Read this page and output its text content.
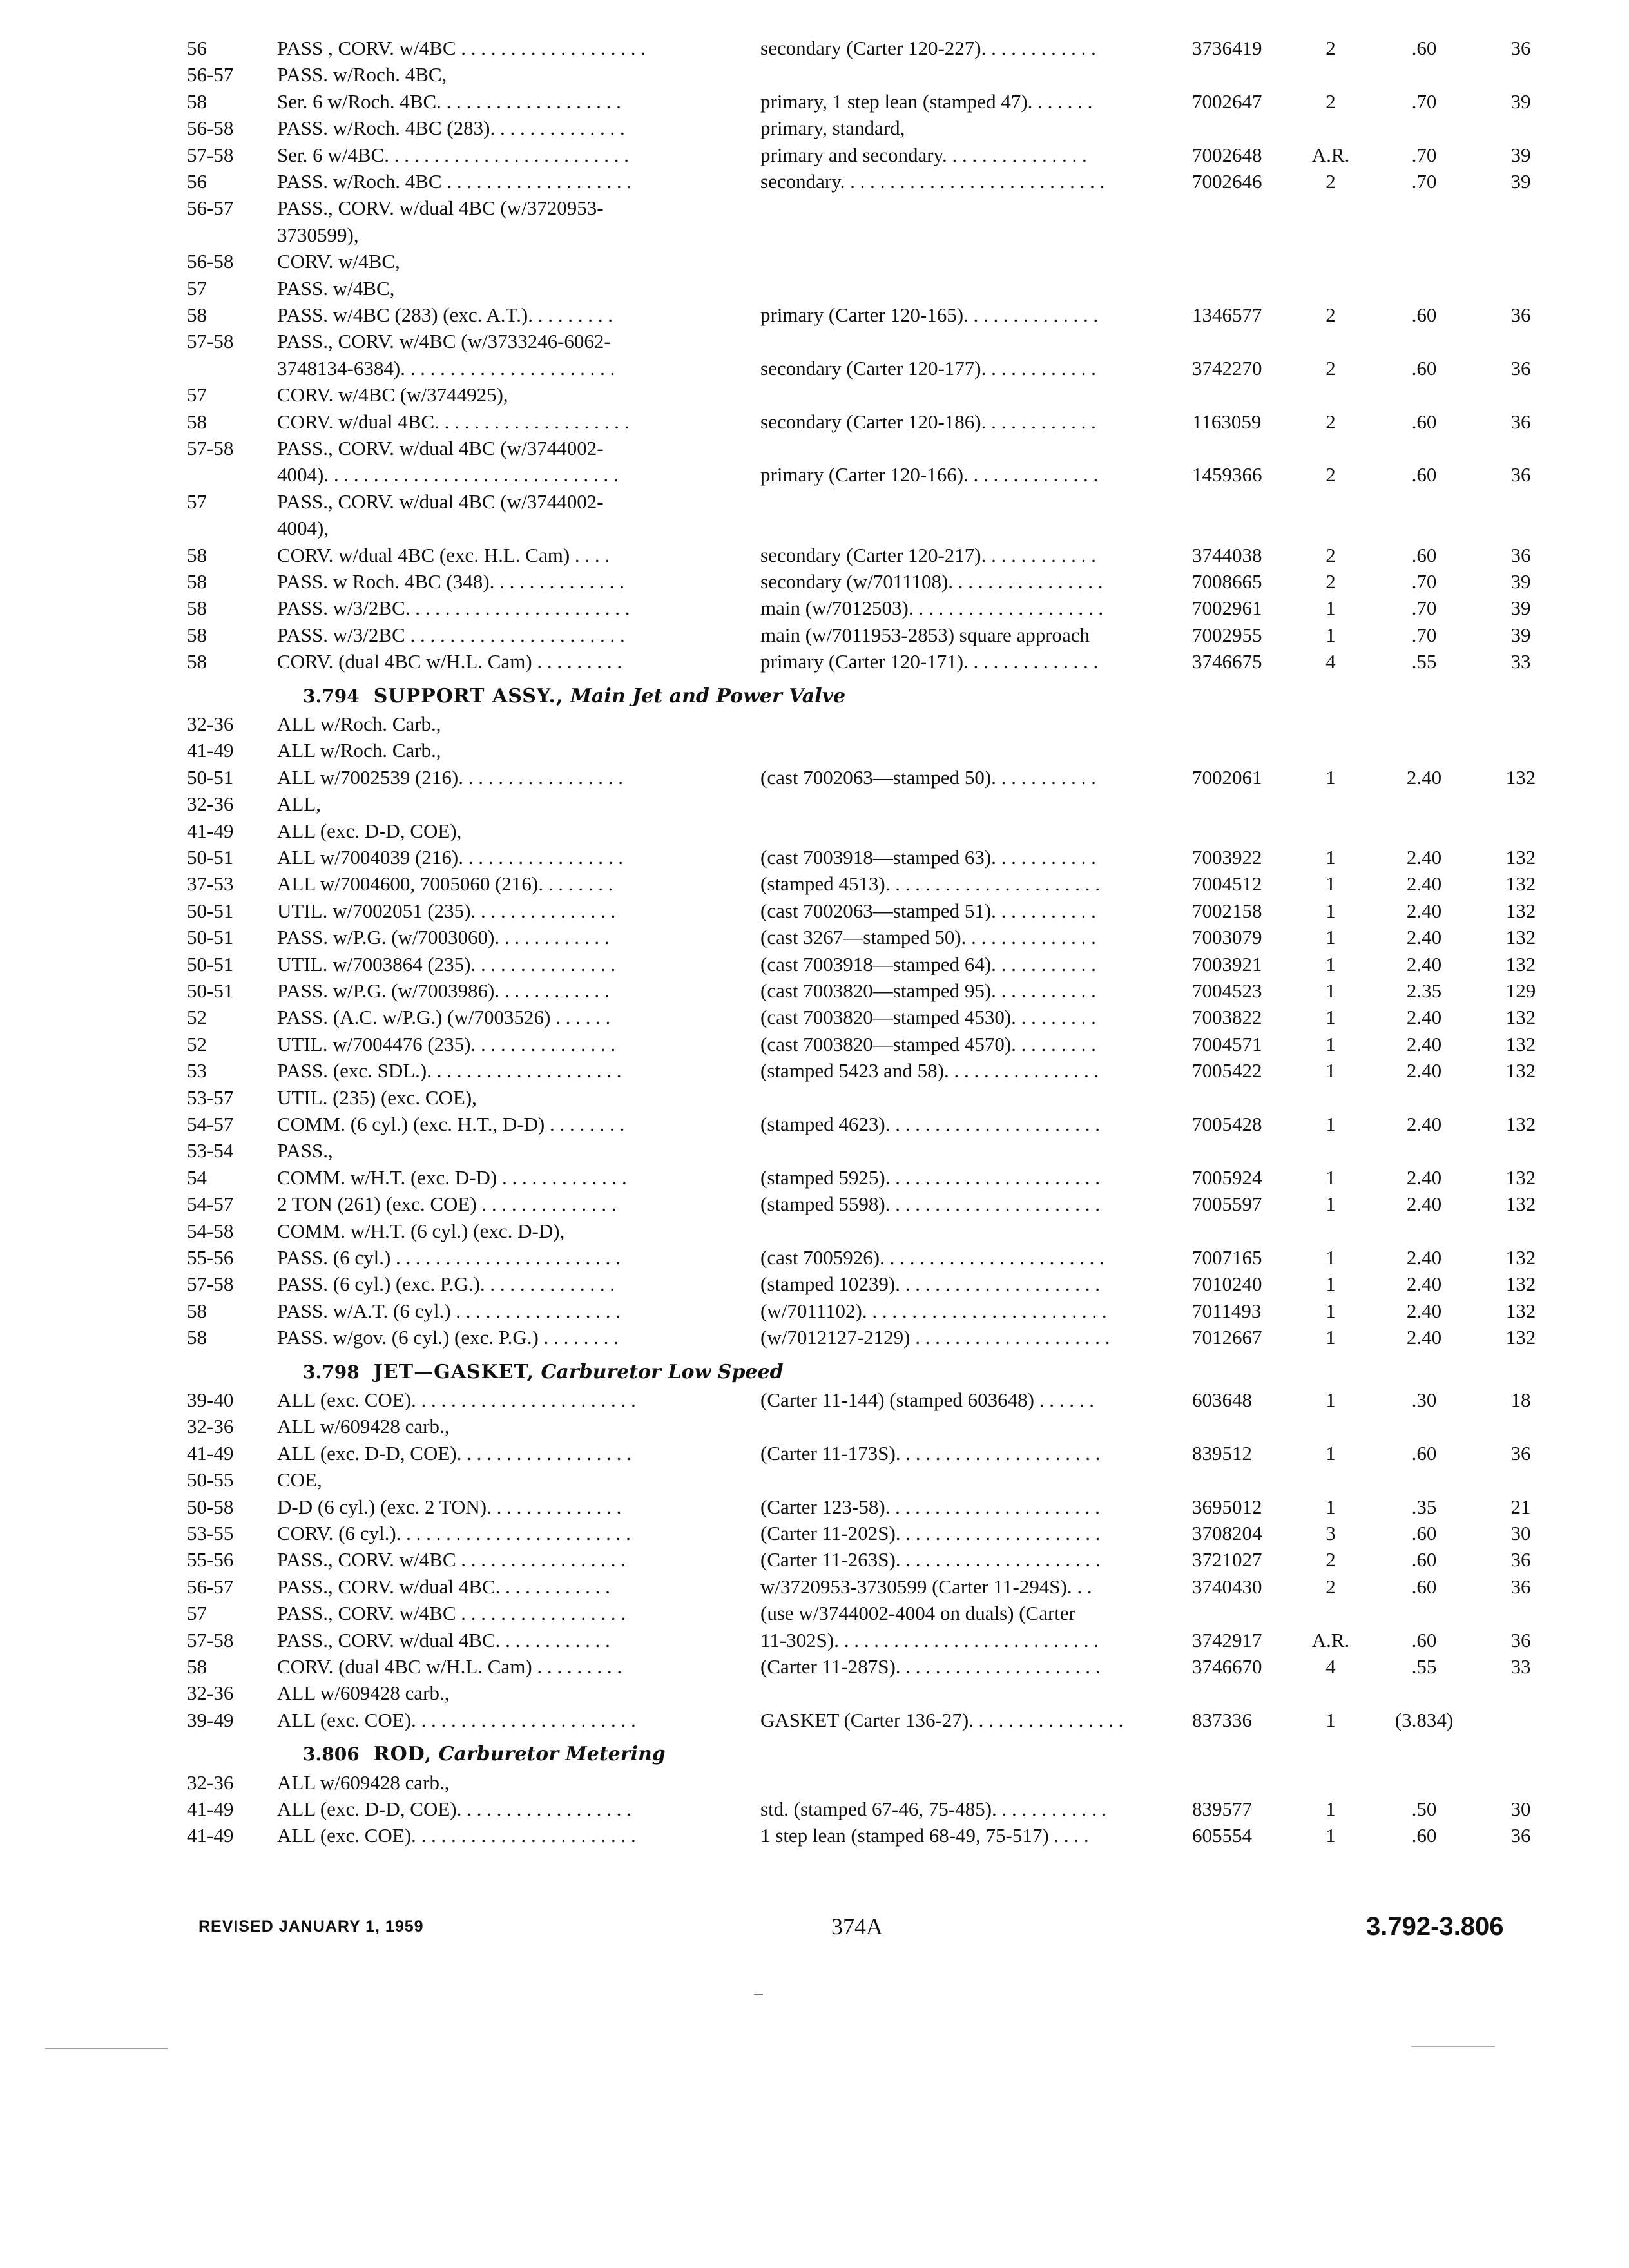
56	PASS , CORV. w/4BC . . . . . . . . . . . . . . . . . . .	secondary (Carter 120-227). . . . . . . . . . . .	3736419	2	.60	36
56-57 PASS. w/Roch. 4BC,
58	Ser. 6 w/Roch. 4BC. . . . . . . . . . . . . . . . . . .	primary, 1 step lean (stamped 47). . . . . . .	7002647	2	.70	39
56-58 PASS. w/Roch. 4BC (283). . . . . . . . . . . . . .	primary, standard,
57-58 Ser. 6 w/4BC. . . . . . . . . . . . . . . . . . . . . . . . .	primary and secondary. . . . . . . . . . . . . . .	7002648	A.R.	.70	39
56	PASS. w/Roch. 4BC . . . . . . . . . . . . . . . . . . .	secondary. . . . . . . . . . . . . . . . . . . . . . . . . . .	7002646	2	.70	39
56-57 PASS., CORV. w/dual 4BC (w/3720953-
3730599),
56-58 CORV. w/4BC,
57	PASS. w/4BC,
58	PASS. w/4BC (283) (exc. A.T.). . . . . . . . .	primary (Carter 120-165). . . . . . . . . . . . . .	1346577	2	.60	36
57-58 PASS., CORV. w/4BC (w/3733246-6062-
3748134-6384). . . . . . . . . . . . . . . . . . . . . .	secondary (Carter 120-177). . . . . . . . . . . .	3742270	2	.60	36
57	CORV. w/4BC (w/3744925),
58	CORV. w/dual 4BC. . . . . . . . . . . . . . . . . . . .	secondary (Carter 120-186). . . . . . . . . . . .	1163059	2	.60	36
57-58 PASS., CORV. w/dual 4BC (w/3744002-
4004). . . . . . . . . . . . . . . . . . . . . . . . . . . . . .	primary (Carter 120-166). . . . . . . . . . . . . .	1459366	2	.60	36
57	PASS., CORV. w/dual 4BC (w/3744002-
4004),
58	CORV. w/dual 4BC (exc. H.L. Cam) . . . .	secondary (Carter 120-217). . . . . . . . . . . .	3744038	2	.60	36
58	PASS. w Roch. 4BC (348). . . . . . . . . . . . . .	secondary (w/7011108). . . . . . . . . . . . . . . .	7008665	2	.70	39
58	PASS. w/3/2BC. . . . . . . . . . . . . . . . . . . . . . .	main (w/7012503). . . . . . . . . . . . . . . . . . . .	7002961	1	.70	39
58	PASS. w/3/2BC . . . . . . . . . . . . . . . . . . . . . .	main (w/7011953-2853) square approach	7002955	1	.70	39
58	CORV. (dual 4BC w/H.L. Cam) . . . . . . . . .	primary (Carter 120-171). . . . . . . . . . . . . .	3746675	4	.55	33
3.794 SUPPORT ASSY., Main Jet and Power Valve
32-36 ALL w/Roch. Carb.,
41-49 ALL w/Roch. Carb.,
50-51 ALL w/7002539 (216). . . . . . . . . . . . . . . . .	(cast 7002063—stamped 50). . . . . . . . . . .	7002061	1	2.40	132
32-36 ALL,
41-49 ALL (exc. D-D, COE),
50-51 ALL w/7004039 (216). . . . . . . . . . . . . . . . .	(cast 7003918—stamped 63). . . . . . . . . . .	7003922	1	2.40	132
37-53 ALL w/7004600, 7005060 (216). . . . . . . .	(stamped 4513). . . . . . . . . . . . . . . . . . . . . .	7004512	1	2.40	132
50-51 UTIL. w/7002051 (235). . . . . . . . . . . . . . .	(cast 7002063—stamped 51). . . . . . . . . . .	7002158	1	2.40	132
50-51 PASS. w/P.G. (w/7003060). . . . . . . . . . . .	(cast 3267—stamped 50). . . . . . . . . . . . . .	7003079	1	2.40	132
50-51 UTIL. w/7003864 (235). . . . . . . . . . . . . . .	(cast 7003918—stamped 64). . . . . . . . . . .	7003921	1	2.40	132
50-51 PASS. w/P.G. (w/7003986). . . . . . . . . . . .	(cast 7003820—stamped 95). . . . . . . . . . .	7004523	1	2.35	129
52	PASS. (A.C. w/P.G.) (w/7003526) . . . . . .	(cast 7003820—stamped 4530). . . . . . . . .	7003822	1	2.40	132
52	UTIL. w/7004476 (235). . . . . . . . . . . . . . .	(cast 7003820—stamped 4570). . . . . . . . .	7004571	1	2.40	132
53	PASS. (exc. SDL.). . . . . . . . . . . . . . . . . . . .	(stamped 5423 and 58). . . . . . . . . . . . . . . .	7005422	1	2.40	132
53-57 UTIL. (235) (exc. COE),
54-57 COMM. (6 cyl.) (exc. H.T., D-D) . . . . . . . .	(stamped 4623). . . . . . . . . . . . . . . . . . . . . .	7005428	1	2.40	132
53-54 PASS.,
54	COMM. w/H.T. (exc. D-D) . . . . . . . . . . . . .	(stamped 5925). . . . . . . . . . . . . . . . . . . . . .	7005924	1	2.40	132
54-57 2 TON (261) (exc. COE) . . . . . . . . . . . . . .	(stamped 5598). . . . . . . . . . . . . . . . . . . . . .	7005597	1	2.40	132
54-58 COMM. w/H.T. (6 cyl.) (exc. D-D),
55-56 PASS. (6 cyl.) . . . . . . . . . . . . . . . . . . . . . . .	(cast 7005926). . . . . . . . . . . . . . . . . . . . . . .	7007165	1	2.40	132
57-58 PASS. (6 cyl.) (exc. P.G.). . . . . . . . . . . . . .	(stamped 10239). . . . . . . . . . . . . . . . . . . . .	7010240	1	2.40	132
58	PASS. w/A.T. (6 cyl.) . . . . . . . . . . . . . . . . .	(w/7011102). . . . . . . . . . . . . . . . . . . . . . . . .	7011493	1	2.40	132
58	PASS. w/gov. (6 cyl.) (exc. P.G.) . . . . . . . .	(w/7012127-2129) . . . . . . . . . . . . . . . . . . . .	7012667	1	2.40	132
3.798 JET—GASKET, Carburetor Low Speed
39-40 ALL (exc. COE). . . . . . . . . . . . . . . . . . . . . . .	(Carter 11-144) (stamped 603648) . . . . . .	603648	1	.30	18
32-36 ALL w/609428 carb.,
41-49 ALL (exc. D-D, COE). . . . . . . . . . . . . . . . . .	(Carter 11-173S). . . . . . . . . . . . . . . . . . . . .	839512	1	.60	36
50-55 COE,
50-58 D-D (6 cyl.) (exc. 2 TON). . . . . . . . . . . . . .	(Carter 123-58). . . . . . . . . . . . . . . . . . . . . .	3695012	1	.35	21
53-55 CORV. (6 cyl.). . . . . . . . . . . . . . . . . . . . . . . .	(Carter 11-202S). . . . . . . . . . . . . . . . . . . . .	3708204	3	.60	30
55-56 PASS., CORV. w/4BC . . . . . . . . . . . . . . . . .	(Carter 11-263S). . . . . . . . . . . . . . . . . . . . .	3721027	2	.60	36
56-57 PASS., CORV. w/dual 4BC. . . . . . . . . . . .	w/3720953-3730599 (Carter 11-294S). . .	3740430	2	.60	36
57	PASS., CORV. w/4BC . . . . . . . . . . . . . . . . .	(use w/3744002-4004 on duals) (Carter
57-58 PASS., CORV. w/dual 4BC. . . . . . . . . . . .	11-302S). . . . . . . . . . . . . . . . . . . . . . . . . . .	3742917	A.R.	.60	36
58	CORV. (dual 4BC w/H.L. Cam) . . . . . . . . .	(Carter 11-287S). . . . . . . . . . . . . . . . . . . . .	3746670	4	.55	33
32-36 ALL w/609428 carb.,
39-49 ALL (exc. COE). . . . . . . . . . . . . . . . . . . . . . .	GASKET (Carter 136-27). . . . . . . . . . . . . . . .	837336	1	(3.834)
3.806 ROD, Carburetor Metering
32-36 ALL w/609428 carb.,
41-49 ALL (exc. D-D, COE). . . . . . . . . . . . . . . . . .	std. (stamped 67-46, 75-485). . . . . . . . . . . .	839577	1	.50	30
41-49 ALL (exc. COE). . . . . . . . . . . . . . . . . . . . . . .	1 step lean (stamped 68-49, 75-517) . . . .	605554	1	.60	36
REVISED JANUARY 1, 1959	374A	3.792-3.806
